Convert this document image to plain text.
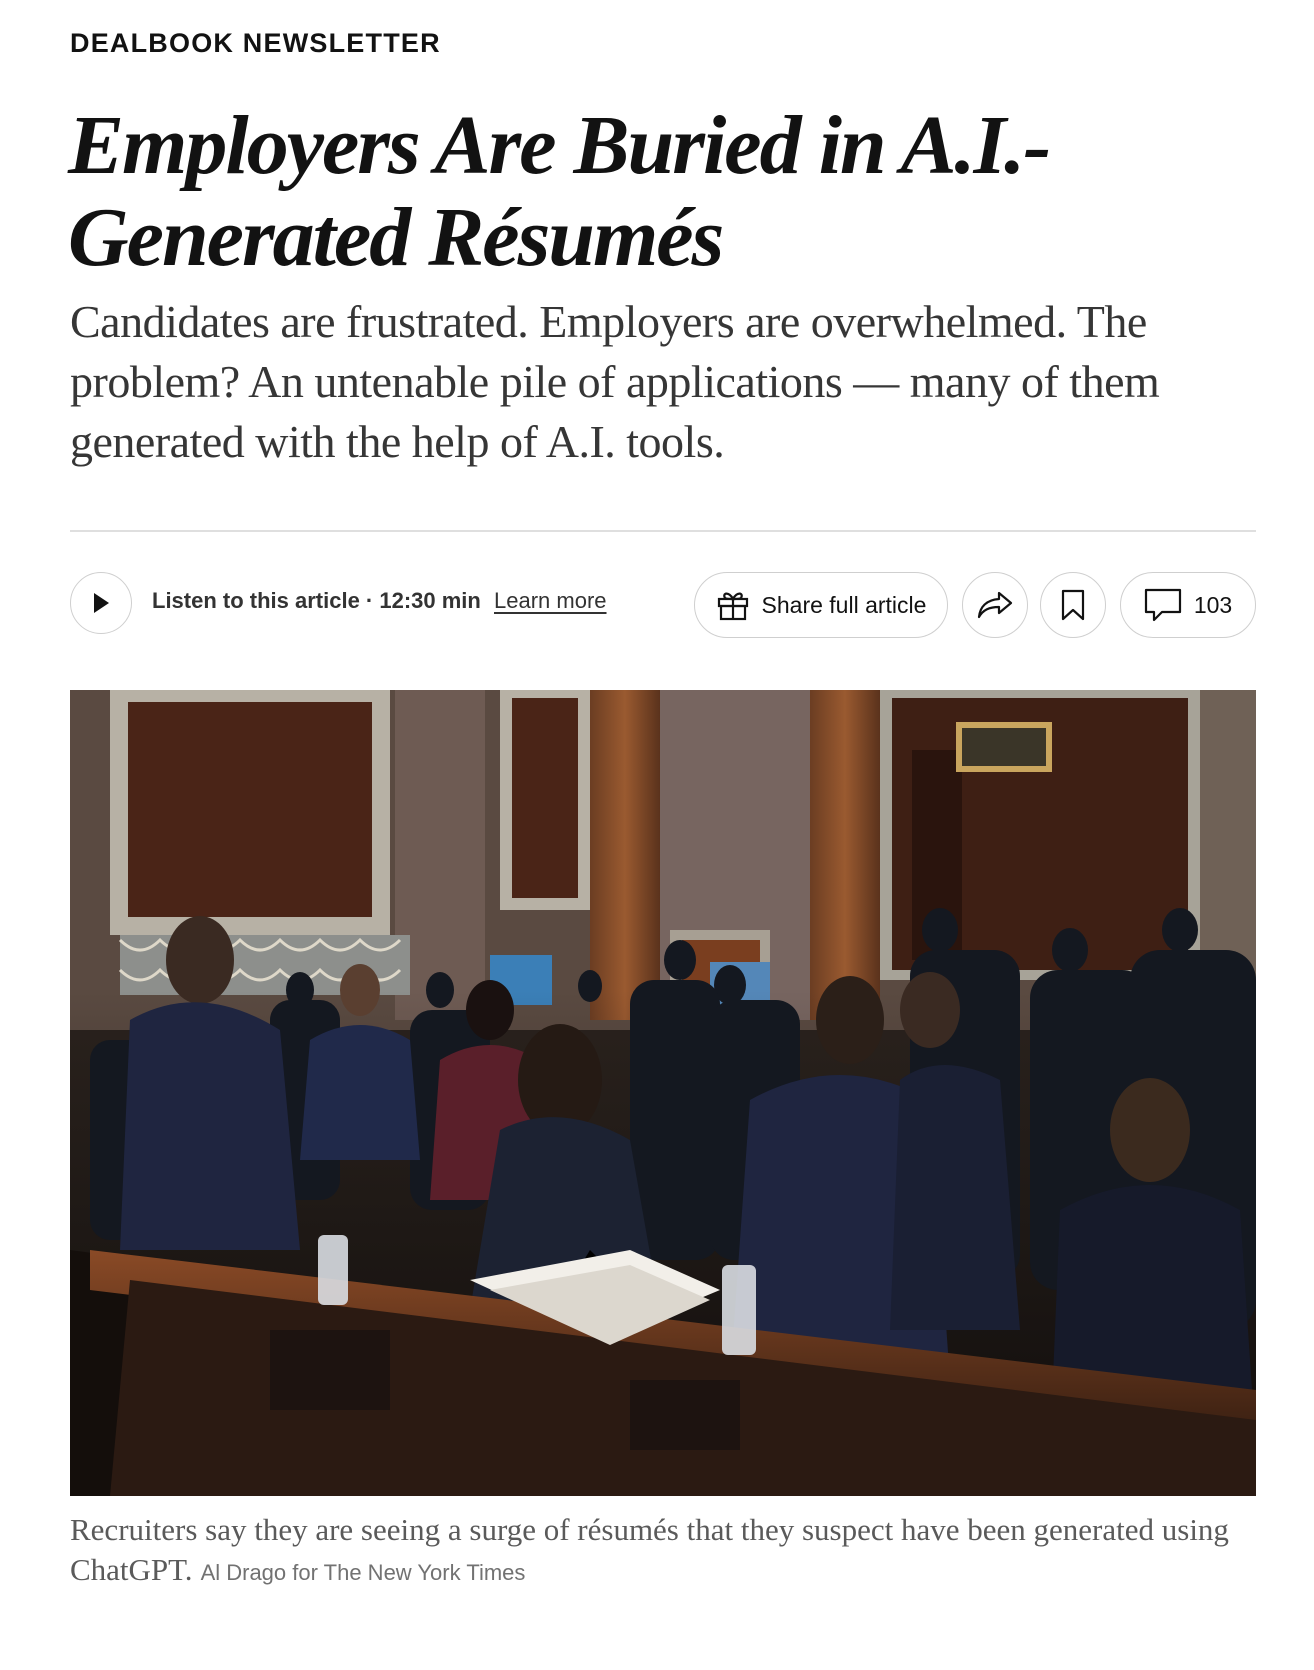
DEALBOOK NEWSLETTER
Employers Are Buried in A.I.-Generated Résumés

Candidates are frustrated. Employers are overwhelmed. The problem? An untenable pile of applications — many of them generated with the help of A.I. tools.

Listen to this article · 12:30 min Learn more	Share full article	103

Recruiters say they are seeing a surge of résumés that they suspect have been generated using ChatGPT. Al Drago for The New York Times
